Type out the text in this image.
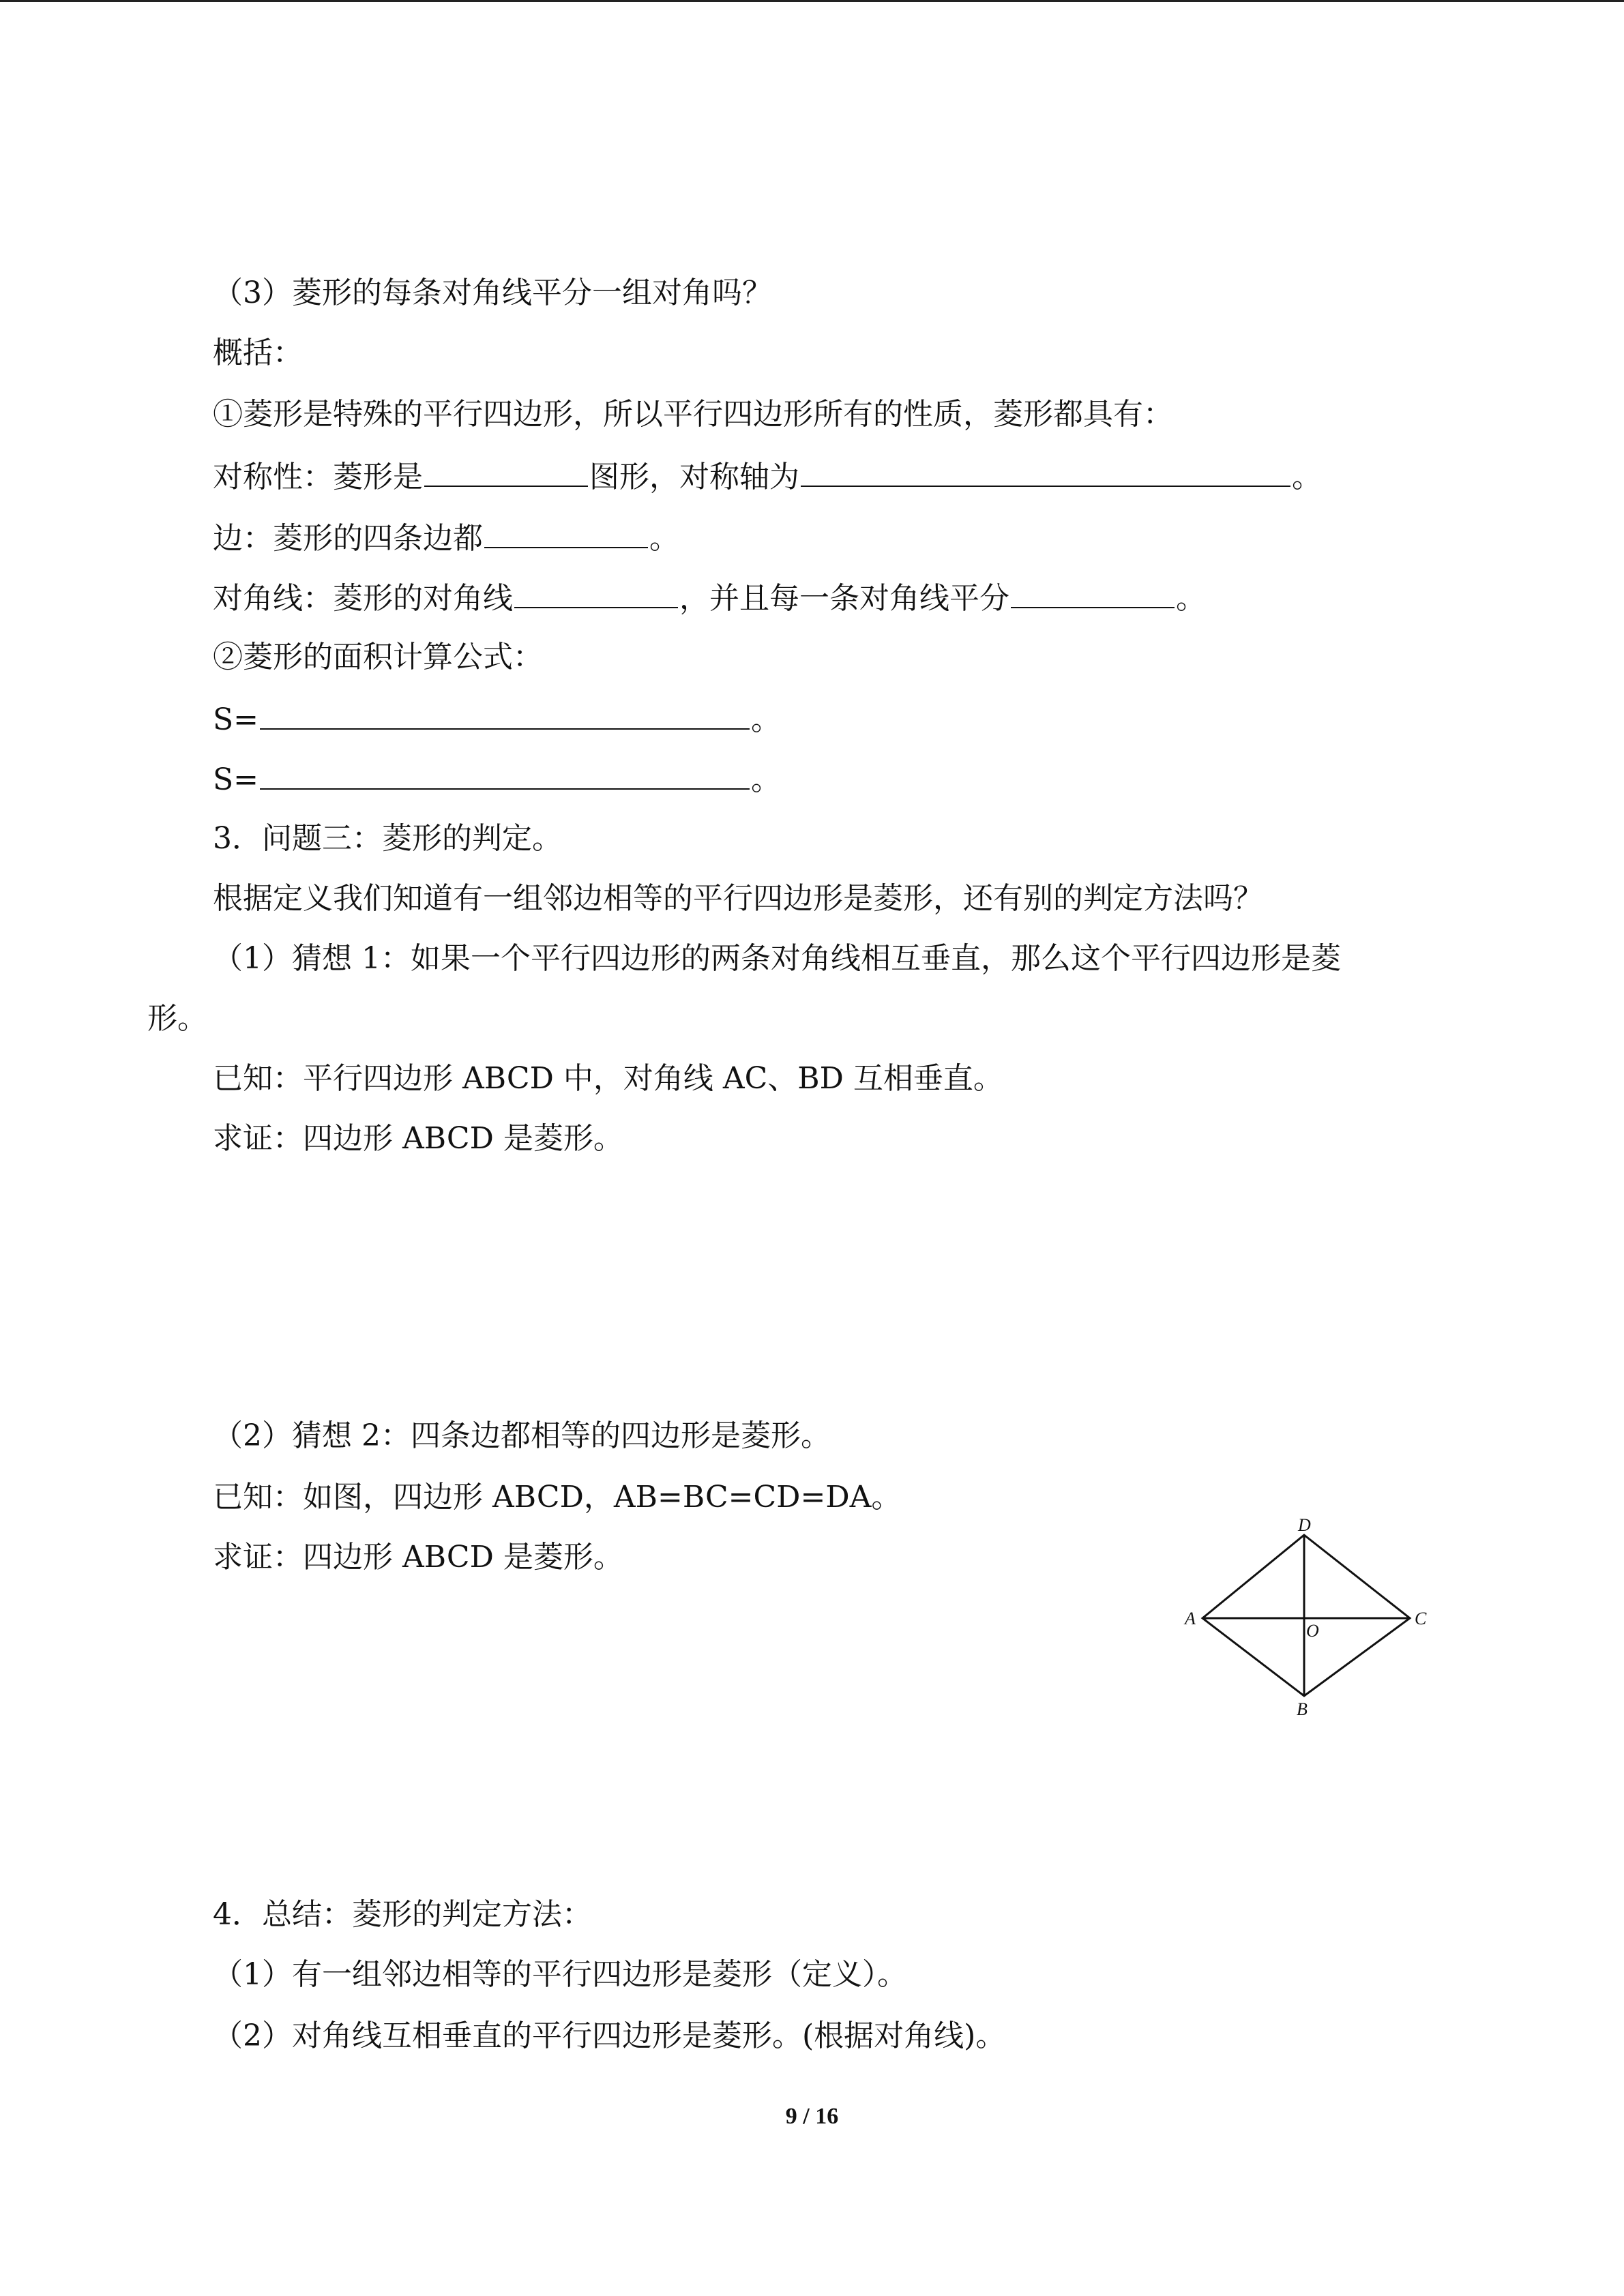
（3）菱形的每条对角线平分一组对角吗？
概括：
①菱形是特殊的平行四边形，所以平行四边形所有的性质，菱形都具有：
对称性：菱形是	图形，对称轴为	。
边：菱形的四条边都	。
对角线：菱形的对角线	，并且每一条对角线平分	。
②菱形的面积计算公式：
S=	。
S=	。
3．问题三：菱形的判定。
根据定义我们知道有一组邻边相等的平行四边形是菱形，还有别的判定方法吗？
（1）猜想 1：如果一个平行四边形的两条对角线相互垂直，那么这个平行四边形是菱
形。
已知：平行四边形 ABCD 中，对角线 AC、BD 互相垂直。
求证：四边形 ABCD 是菱形。
（2）猜想 2：四条边都相等的四边形是菱形。
已知：如图，四边形 ABCD，AB=BC=CD=DA。
求证：四边形 ABCD 是菱形。
D
A	C
B
O
4．总结：菱形的判定方法：
（1）有一组邻边相等的平行四边形是菱形（定义）。
（2）对角线互相垂直的平行四边形是菱形。(根据对角线)。
9 / 16
